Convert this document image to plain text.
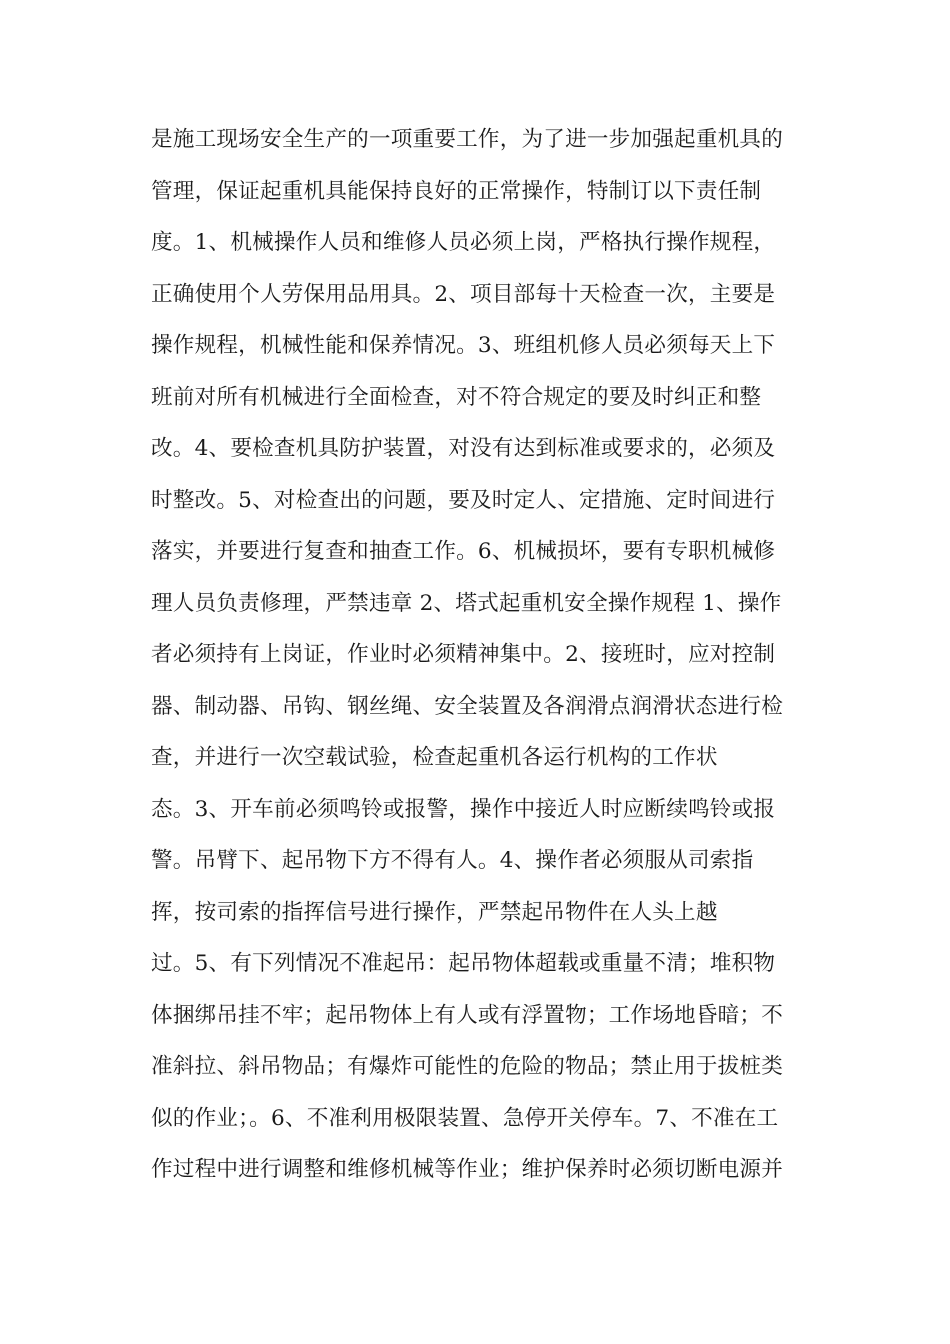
是施工现场安全生产的一项重要工作，为了进一步加强起重机具的
管理，保证起重机具能保持良好的正常操作，特制订以下责任制
度。1、机械操作人员和维修人员必须上岗，严格执行操作规程，
正确使用个人劳保用品用具。2、项目部每十天检查一次，主要是
操作规程，机械性能和保养情况。3、班组机修人员必须每天上下
班前对所有机械进行全面检查，对不符合规定的要及时纠正和整
改。4、要检查机具防护装置，对没有达到标准或要求的，必须及
时整改。5、对检查出的问题，要及时定人、定措施、定时间进行
落实，并要进行复查和抽查工作。6、机械损坏，要有专职机械修
理人员负责修理，严禁违章 2、塔式起重机安全操作规程 1、操作
者必须持有上岗证，作业时必须精神集中。2、接班时，应对控制
器、制动器、吊钩、钢丝绳、安全装置及各润滑点润滑状态进行检
查，并进行一次空载试验，检查起重机各运行机构的工作状
态。3、开车前必须鸣铃或报警，操作中接近人时应断续鸣铃或报
警。吊臂下、起吊物下方不得有人。4、操作者必须服从司索指
挥，按司索的指挥信号进行操作，严禁起吊物件在人头上越
过。5、有下列情况不准起吊：起吊物体超载或重量不清；堆积物
体捆绑吊挂不牢；起吊物体上有人或有浮置物；工作场地昏暗；不
准斜拉、斜吊物品；有爆炸可能性的危险的物品；禁止用于拔桩类
似的作业；。6、不准利用极限装置、急停开关停车。7、不准在工
作过程中进行调整和维修机械等作业；维护保养时必须切断电源并
